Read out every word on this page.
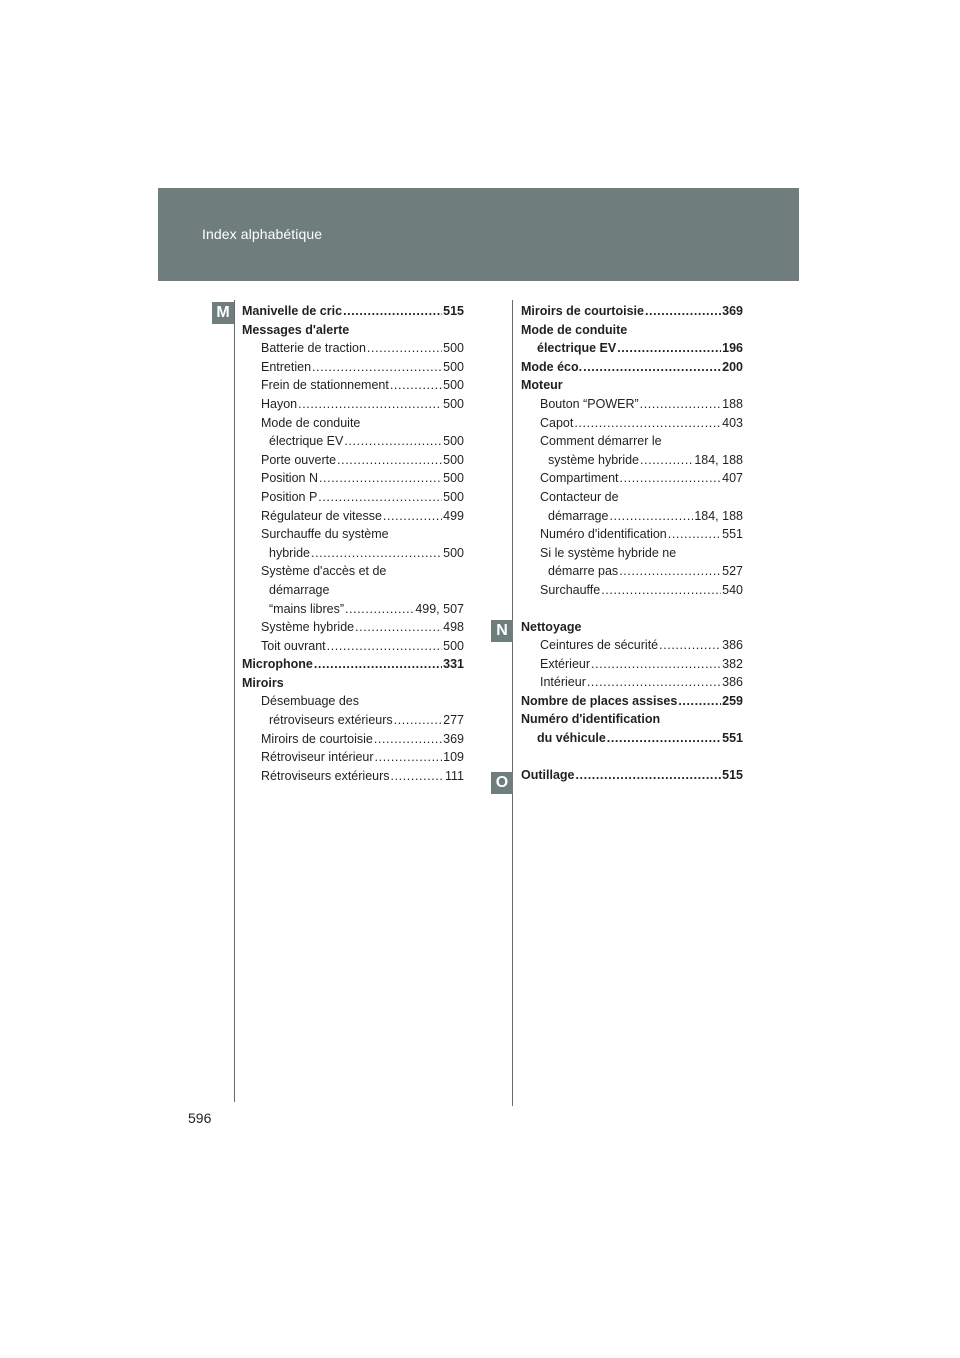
Index alphabétique
M
N
O
Manivelle de cric .....	515
Messages d'alerte
Batterie de traction .....	500
Entretien .....	500
Frein de stationnement .....	500
Hayon .....	500
Mode de conduite
électrique EV .....	500
Porte ouverte .....	500
Position N .....	500
Position P .....	500
Régulateur de vitesse .....	499
Surchauffe du système
hybride .....	500
Système d'accès et de
démarrage
“mains libres” .....	499, 507
Système hybride .....	498
Toit ouvrant .....	500
Microphone .....	331
Miroirs
Désembuage des
rétroviseurs extérieurs .....	277
Miroirs de courtoisie .....	369
Rétroviseur intérieur .....	109
Rétroviseurs extérieurs .....	111
Miroirs de courtoisie .....	369
Mode de conduite
électrique EV .....	196
Mode éco. .....	200
Moteur
Bouton “POWER” .....	188
Capot .....	403
Comment démarrer le
système hybride .....	184, 188
Compartiment .....	407
Contacteur de
démarrage .....	184, 188
Numéro d'identification .....	551
Si le système hybride ne
démarre pas .....	527
Surchauffe .....	540
Nettoyage
Ceintures de sécurité .....	386
Extérieur .....	382
Intérieur .....	386
Nombre de places assises .....	259
Numéro d'identification
du véhicule .....	551
Outillage .....	515
596
